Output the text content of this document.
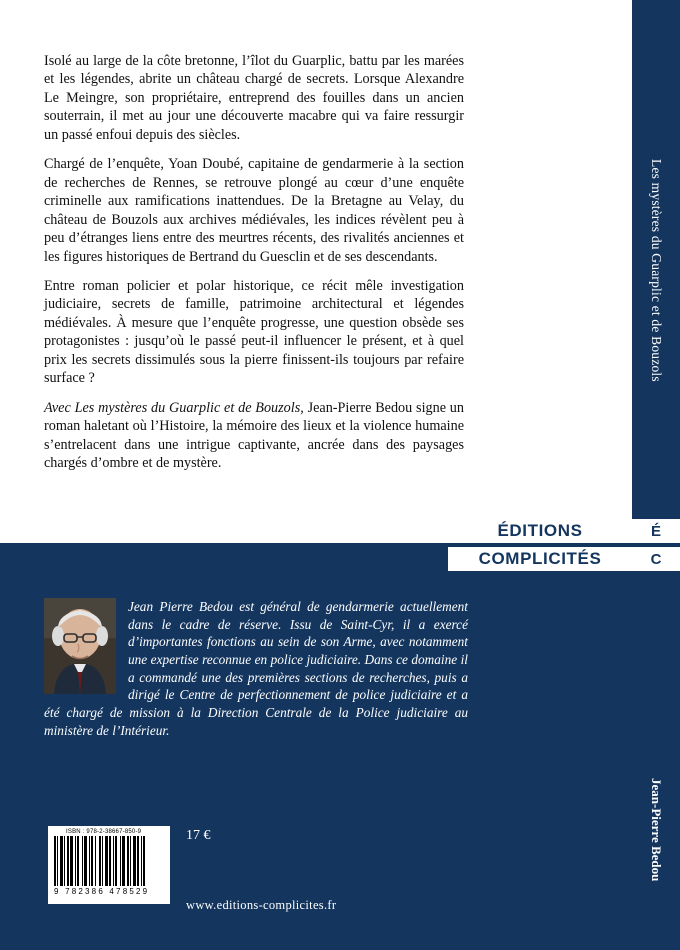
Les mystères du Guarplic et de Bouzols
É
C
Jean-Pierre Bedou

Isolé au large de la côte bretonne, l’îlot du Guarplic, battu par les marées et les légendes, abrite un château chargé de secrets. Lorsque Alexandre Le Meingre, son propriétaire, entreprend des fouilles dans un ancien souterrain, il met au jour une découverte macabre qui va faire ressurgir un passé enfoui depuis des siècles.

Chargé de l’enquête, Yoan Doubé, capitaine de gendarmerie à la section de recherches de Rennes, se retrouve plongé au cœur d’une enquête criminelle aux ramifications inattendues. De la Bretagne au Velay, du château de Bouzols aux archives médiévales, les indices révèlent peu à peu d’étranges liens entre des meurtres récents, des rivalités anciennes et les figures historiques de Bertrand du Guesclin et de ses descendants.

Entre roman policier et polar historique, ce récit mêle investigation judiciaire, secrets de famille, patrimoine architectural et légendes médiévales. À mesure que l’enquête progresse, une question obsède ses protagonistes : jusqu’où le passé peut-il influencer le présent, et à quel prix les secrets dissimulés sous la pierre finissent-ils toujours par refaire surface ?

Avec Les mystères du Guarplic et de Bouzols, Jean-Pierre Bedou signe un roman haletant où l’Histoire, la mémoire des lieux et la violence humaine s’entrelacent dans une intrigue captivante, ancrée dans des paysages chargés d’ombre et de mystère.

ÉDITIONS
COMPLICITÉS
Jean Pierre Bedou est général de gendarmerie actuellement dans le cadre de réserve. Issu de Saint-Cyr, il a exercé d’importantes fonctions au sein de son Arme, avec notamment une expertise reconnue en police judiciaire. Dans ce domaine il a commandé une des premières sections de recherches, puis a dirigé le Centre de perfectionnement de police judiciaire et a été chargé de mission à la Direction Centrale de la Police judiciaire au ministère de l’Intérieur.
ISBN : 978-2-38667-850-9
9 782386 478529
17 €
www.editions-complicites.fr
